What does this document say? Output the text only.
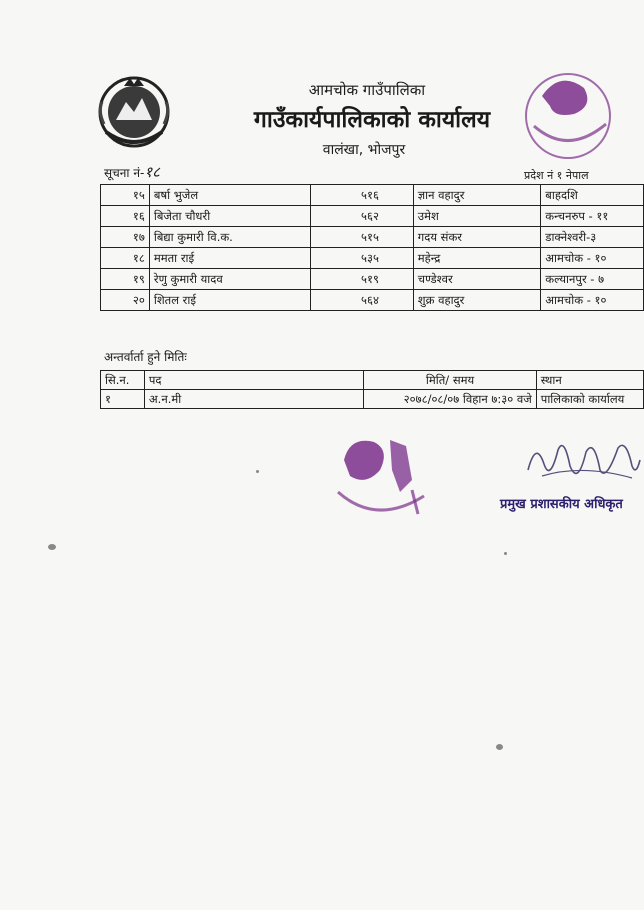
आमचोक गाउँपालिका
गाउँकार्यपालिकाको कार्यालय
वालंखा, भोजपुर
सूचना नं-१८	प्रदेश नं १ नेपाल
१५	बर्षा भुजेल	५१६	ज्ञान वहादुर	बाहदशि
१६	बिजेता चौधरी	५६२	उमेश	कन्चनरुप - ११
१७	बिद्या कुमारी वि.क.	५१५	गदय संकर	डाक्नेश्वरी-३
१८	ममता राई	५३५	महेन्द्र	आमचोक - १०
१९	रेणु कुमारी यादव	५१९	चण्डेश्वर	कल्यानपुर - ७
२०	शितल राई	५६४	शुक्र वहादुर	आमचोक - १०
अन्तर्वार्ता हुने मितिः
सि.न.	पद	मिति/ समय	स्थान
१	अ.न.मी	२०७८/०८/०७ विहान ७:३० वजे	पालिकाको कार्यालय
प्रमुख प्रशासकीय अधिकृत
